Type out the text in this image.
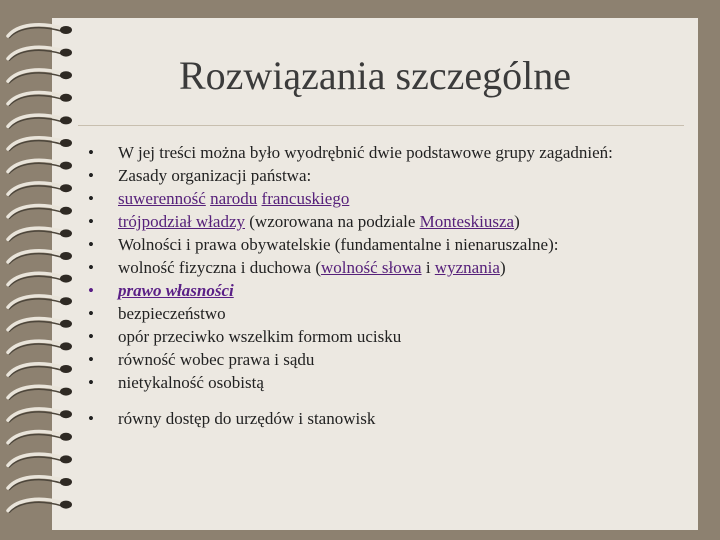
Rozwiązania szczególne
•	W jej treści można było wyodrębnić dwie podstawowe grupy zagadnień:
•	Zasady organizacji państwa:
•	suwerenność narodu francuskiego
•	trójpodział władzy (wzorowana na podziale Monteskiusza)
•	Wolności i prawa obywatelskie (fundamentalne i nienaruszalne):
•	wolność fizyczna i duchowa (wolność słowa i wyznania)
•	prawo własności
•	bezpieczeństwo
•	opór przeciwko wszelkim formom ucisku
•	równość wobec prawa i sądu
•	nietykalność osobistą
•	równy dostęp do urzędów i stanowisk
